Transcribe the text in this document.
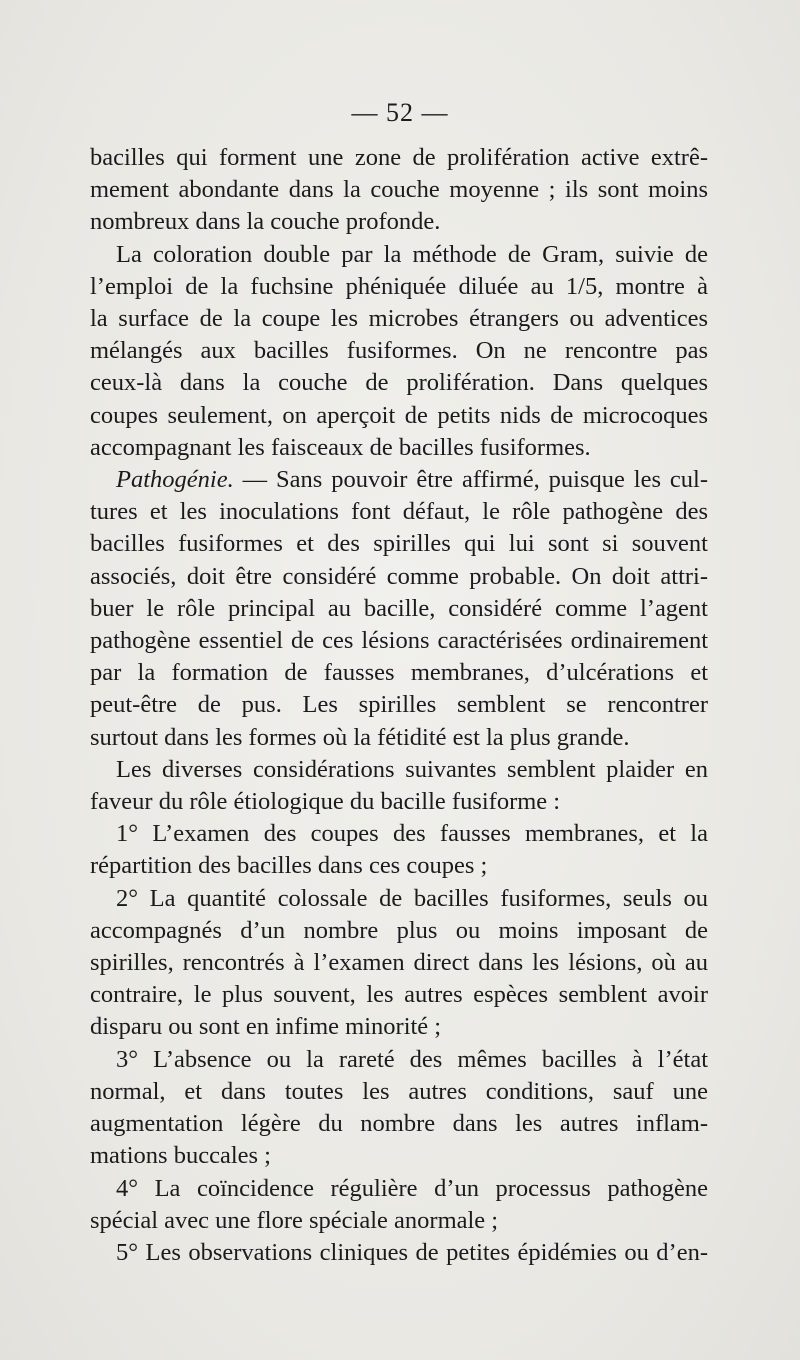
— 52 —

bacilles qui forment une zone de prolifération active extrê-

mement abondante dans la couche moyenne ; ils sont moins

nombreux dans la couche profonde.

La coloration double par la méthode de Gram, suivie de

l’emploi de la fuchsine phéniquée diluée au 1/5, montre à

la surface de la coupe les microbes étrangers ou adventices

mélangés aux bacilles fusiformes. On ne rencontre pas

ceux-là dans la couche de prolifération. Dans quelques

coupes seulement, on aperçoit de petits nids de microcoques

accompagnant les faisceaux de bacilles fusiformes.

Pathogénie. — Sans pouvoir être affirmé, puisque les cul-

tures et les inoculations font défaut, le rôle pathogène des

bacilles fusiformes et des spirilles qui lui sont si souvent

associés, doit être considéré comme probable. On doit attri-

buer le rôle principal au bacille, considéré comme l’agent

pathogène essentiel de ces lésions caractérisées ordinairement

par la formation de fausses membranes, d’ulcérations et

peut-être de pus. Les spirilles semblent se rencontrer

surtout dans les formes où la fétidité est la plus grande.

Les diverses considérations suivantes semblent plaider en

faveur du rôle étiologique du bacille fusiforme :

1° L’examen des coupes des fausses membranes, et la

répartition des bacilles dans ces coupes ;

2° La quantité colossale de bacilles fusiformes, seuls ou

accompagnés d’un nombre plus ou moins imposant de

spirilles, rencontrés à l’examen direct dans les lésions, où au

contraire, le plus souvent, les autres espèces semblent avoir

disparu ou sont en infime minorité ;

3° L’absence ou la rareté des mêmes bacilles à l’état

normal, et dans toutes les autres conditions, sauf une

augmentation légère du nombre dans les autres inflam-

mations buccales ;

4° La coïncidence régulière d’un processus pathogène

spécial avec une flore spéciale anormale ;

5° Les observations cliniques de petites épidémies ou d’en-
